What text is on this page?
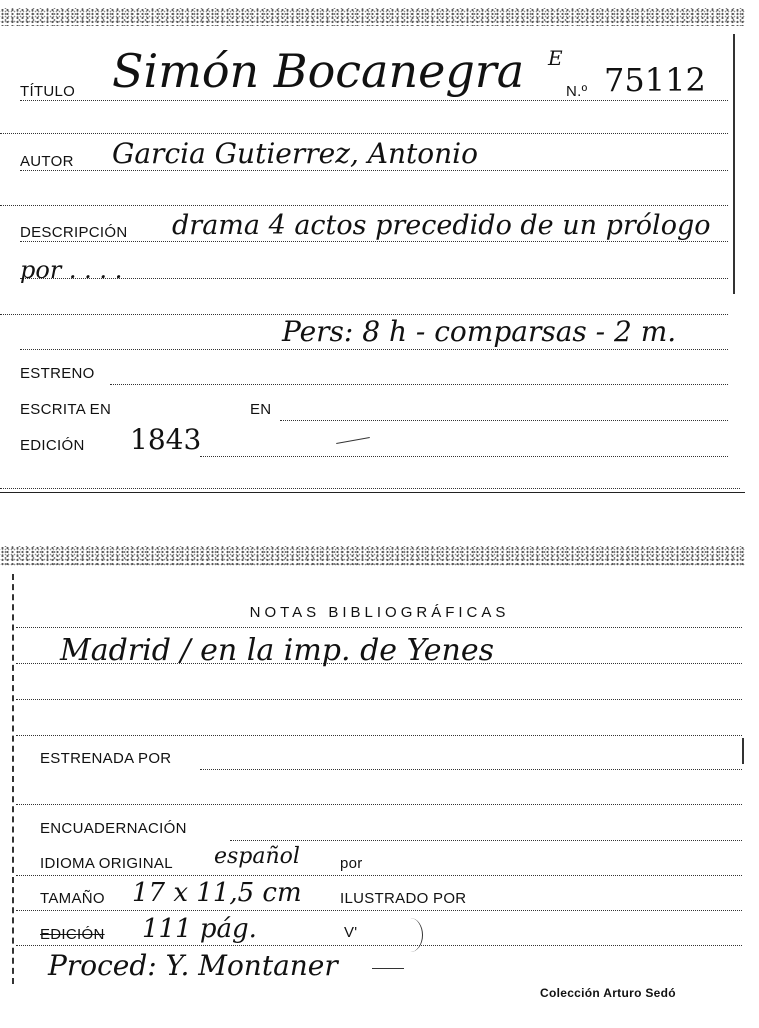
TÍTULO Simón Bocanegra E
N.º 75112
AUTOR Garcia Gutierrez, Antonio
DESCRIPCIÓN drama 4 actos precedido de un prólogo
por . . . .
Pers: 8 h - comparsas - 2 m.
ESTRENO
ESCRITA EN	EN
EDICIÓN 1843
NOTAS BIBLIOGRÁFICAS
Madrid / en la imp. de Yenes
ESTRENADA POR
ENCUADERNACIÓN
IDIOMA ORIGINAL español	por
TAMAÑO 17 x 11,5 cm	ILUSTRADO POR
EDICIÓN 111 pág.	V'
Proced: Y. Montaner
Colección Arturo Sedó
